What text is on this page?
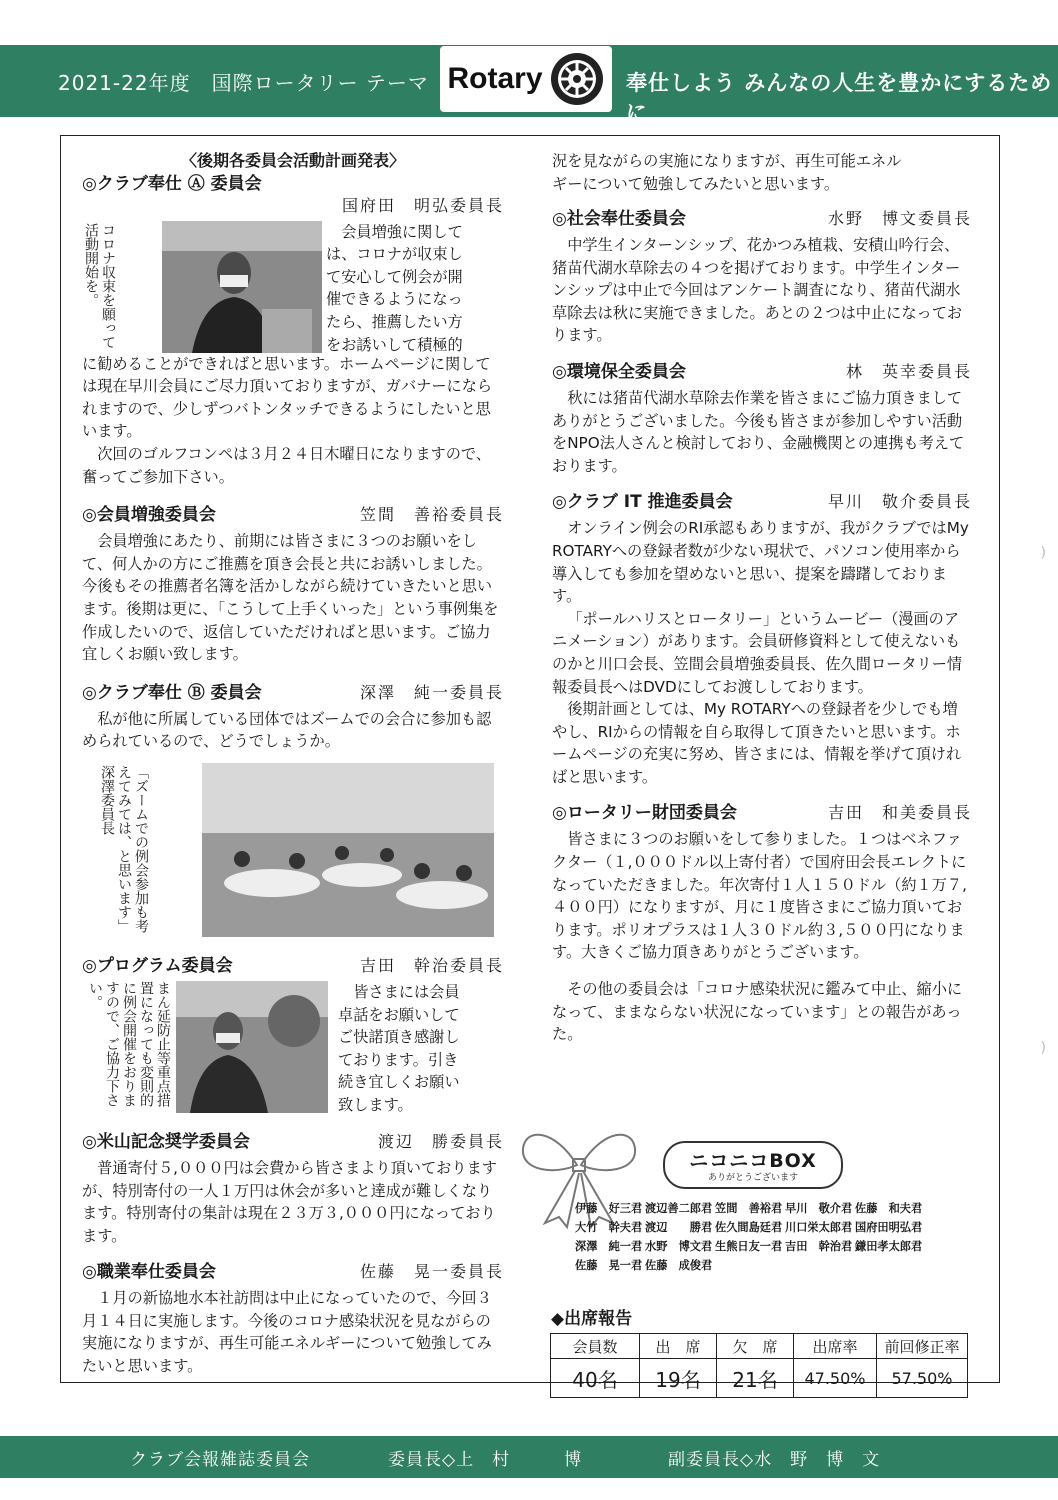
2021-22年度　国際ロータリー テーマ	奉仕しよう みんなの人生を豊かにするために
Rotary

〈後期各委員会活動計画発表〉

◎クラブ奉仕 Ⓐ 委員会

国府田　明弘委員長

コロナ収束を願って活動開始を。	会員増強に関して
は、コロナが収束し
て安心して例会が開
催できるようになっ
たら、推薦したい方
をお誘いして積極的

に勧めることができればと思います。ホームページに関しては現在早川会員にご尽力頂いておりますが、ガバナーになられますので、少しずつバトンタッチできるようにしたいと思います。

次回のゴルフコンペは３月２４日木曜日になりますので、奮ってご参加下さい。

◎会員増強委員会	笠間　善裕委員長

会員増強にあたり、前期には皆さまに３つのお願いをして、何人かの方にご推薦を頂き会長と共にお誘いしました。今後もその推薦者名簿を活かしながら続けていきたいと思います。後期は更に、「こうして上手くいった」という事例集を作成したいので、返信していただければと思います。ご協力宜しくお願い致します。

◎クラブ奉仕 Ⓑ 委員会	深澤　純一委員長

私が他に所属している団体ではズームでの会合に参加も認められているので、どうでしょうか。

「ズームでの例会参加も考えてみては、と思います」深澤委員長

◎プログラム委員会	吉田　幹治委員長

まん延防止等重点措置になっても変則的に例会開催をおりますので、ご協力下さい。	皆さまには会員
卓話をお願いして
ご快諾頂き感謝し
ております。引き
続き宜しくお願い
致します。

◎米山記念奨学委員会	渡辺　勝委員長

普通寄付５,０００円は会費から皆さまより頂いておりますが、特別寄付の一人１万円は休会が多いと達成が難しくなります。特別寄付の集計は現在２３万３,０００円になっております。

◎職業奉仕委員会	佐藤　晃一委員長

１月の新協地水本社訪問は中止になっていたので、今回３月１４日に実施します。今後のコロナ感染状況を見ながらの実施になりますが、再生可能エネルギーについて勉強してみたいと思います。

況を見ながらの実施になりますが、再生可能エネル
ギーについて勉強してみたいと思います。

◎社会奉仕委員会	水野　博文委員長

中学生インターンシップ、花かつみ植栽、安積山吟行会、猪苗代湖水草除去の４つを掲げております。中学生インターンシップは中止で今回はアンケート調査になり、猪苗代湖水草除去は秋に実施できました。あとの２つは中止になっております。

◎環境保全委員会	林　英幸委員長

秋には猪苗代湖水草除去作業を皆さまにご協力頂きましてありがとうございました。今後も皆さまが参加しやすい活動をNPO法人さんと検討しており、金融機関との連携も考えております。

◎クラブ IT 推進委員会	早川　敬介委員長

オンライン例会のRI承認もありますが、我がクラブではMy ROTARYへの登録者数が少ない現状で、パソコン使用率から導入しても参加を望めないと思い、提案を躊躇しております。

「ポールハリスとロータリー」というムービー（漫画のアニメーション）があります。会員研修資料として使えないものかと川口会長、笠間会員増強委員長、佐久間ロータリー情報委員長へはDVDにしてお渡ししております。

後期計画としては、My ROTARYへの登録者を少しでも増やし、RIからの情報を自ら取得して頂きたいと思います。ホームページの充実に努め、皆さまには、情報を挙げて頂ければと思います。

◎ロータリー財団委員会	吉田　和美委員長

皆さまに３つのお願いをして参りました。１つはベネファクター（１,０００ドル以上寄付者）で国府田会長エレクトになっていただきました。年次寄付１人１５０ドル（約１万７,４００円）になりますが、月に１度皆さまにご協力頂いております。ポリオプラスは１人３０ドル約３,５００円になります。大きくご協力頂きありがとうございます。

その他の委員会は「コロナ感染状況に鑑みて中止、縮小になって、ままならない状況になっています」との報告があった。

ニコニコBOX
ありがとうございます
伊藤　好三君 渡辺善二郎君 笠間　善裕君 早川　敬介君 佐藤　和夫君 大竹　幹夫君 渡辺　　勝君 佐久間島廷君 川口栄太郎君 国府田明弘君 深澤　純一君 水野　博文君 生熊日友一君 吉田　幹治君 鎌田孝太郎君 佐藤　晃一君 佐藤　成俊君
◆出席報告
会員数	出　席	欠　席	出席率	前回修正率
40名	19名	21名	47.50%	57.50%
)
)
クラブ会報雑誌委員会	委員長◇上　村　　　博	副委員長◇水　野　博　文
